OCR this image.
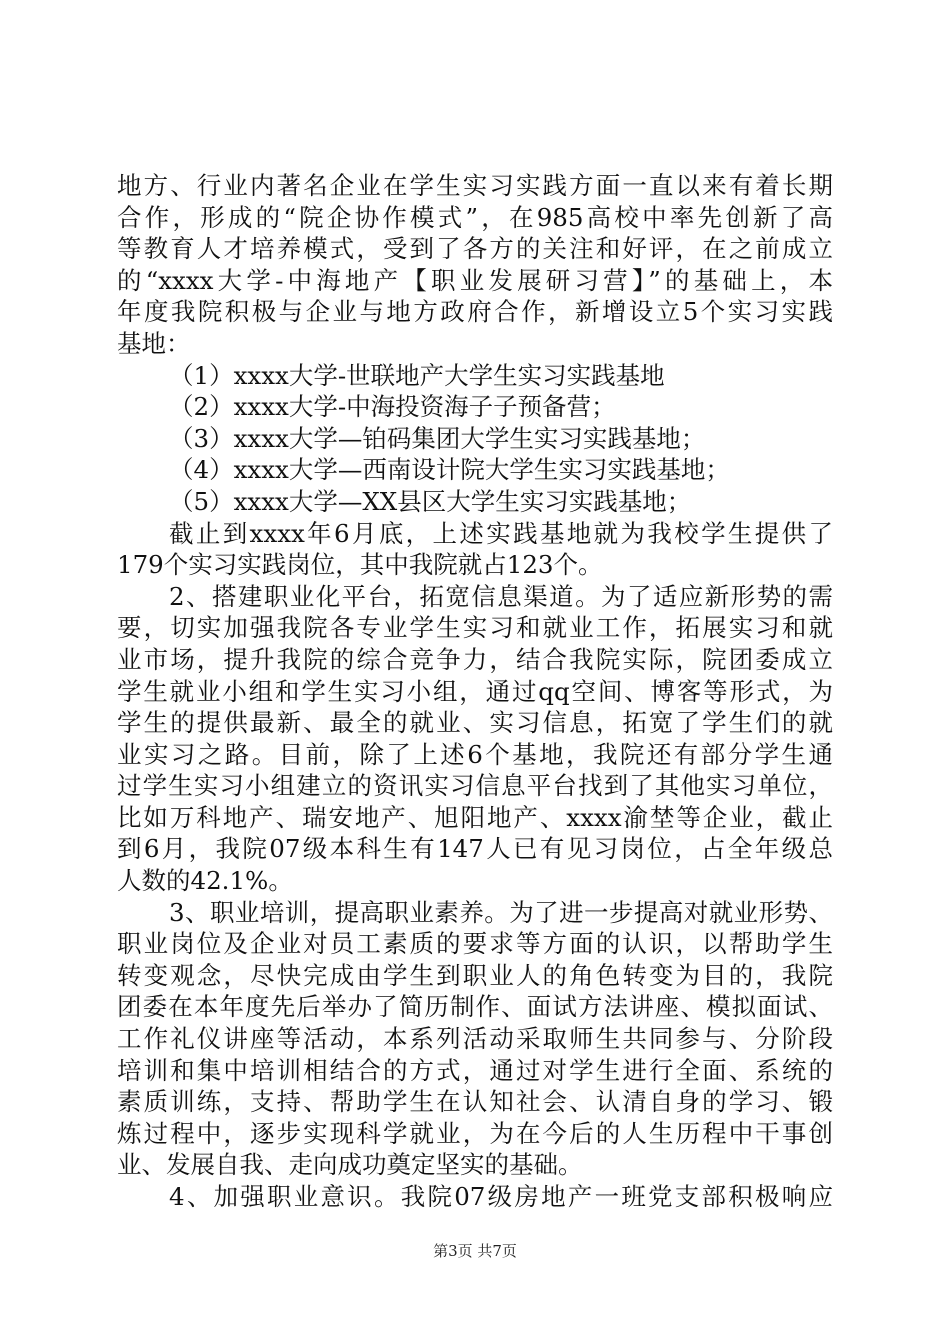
地方、行业内著名企业在学生实习实践方面一直以来有着长期
合作，形成的“院企协作模式”，在985高校中率先创新了高
等教育人才培养模式，受到了各方的关注和好评，在之前成立
的“xxxx大学-中海地产【职业发展研习营】”的基础上，本
年度我院积极与企业与地方政府合作，新增设立5个实习实践
基地：
（1）xxxx大学-世联地产大学生实习实践基地
（2）xxxx大学-中海投资海子子预备营；
（3）xxxx大学—铂码集团大学生实习实践基地；
（4）xxxx大学—西南设计院大学生实习实践基地；
（5）xxxx大学—XX县区大学生实习实践基地；
截止到xxxx年6月底，上述实践基地就为我校学生提供了
179个实习实践岗位，其中我院就占123个。
2、搭建职业化平台，拓宽信息渠道。为了适应新形势的需
要，切实加强我院各专业学生实习和就业工作，拓展实习和就
业市场，提升我院的综合竞争力，结合我院实际，院团委成立
学生就业小组和学生实习小组，通过qq空间、博客等形式，为
学生的提供最新、最全的就业、实习信息，拓宽了学生们的就
业实习之路。目前，除了上述6个基地，我院还有部分学生通
过学生实习小组建立的资讯实习信息平台找到了其他实习单位，
比如万科地产、瑞安地产、旭阳地产、xxxx渝埜等企业，截止
到6月，我院07级本科生有147人已有见习岗位，占全年级总
人数的42.1%。
3、职业培训，提高职业素养。为了进一步提高对就业形势、
职业岗位及企业对员工素质的要求等方面的认识，以帮助学生
转变观念，尽快完成由学生到职业人的角色转变为目的，我院
团委在本年度先后举办了简历制作、面试方法讲座、模拟面试、
工作礼仪讲座等活动，本系列活动采取师生共同参与、分阶段
培训和集中培训相结合的方式，通过对学生进行全面、系统的
素质训练，支持、帮助学生在认知社会、认清自身的学习、锻
炼过程中，逐步实现科学就业，为在今后的人生历程中干事创
业、发展自我、走向成功奠定坚实的基础。
4、加强职业意识。我院07级房地产一班党支部积极响应
第3页 共7页
